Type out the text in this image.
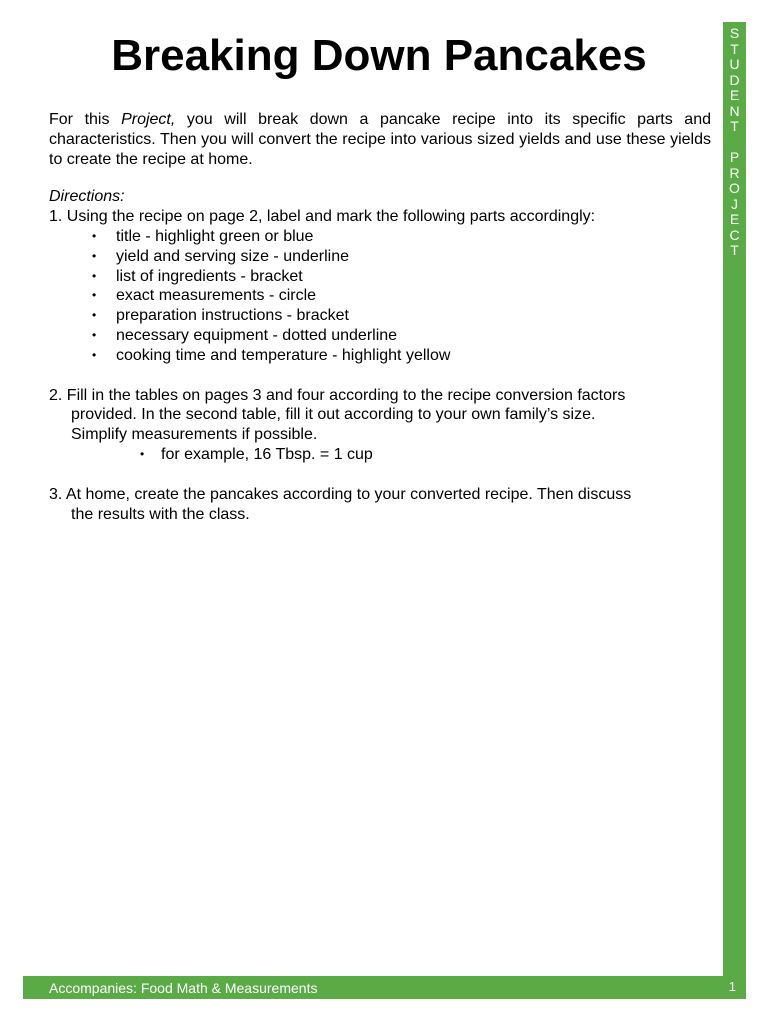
S
T
U
D
E
N
T
P
R
O
J
E
C
T
Breaking Down Pancakes

For this Project, you will break down a pancake recipe into its specific parts and characteristics. Then you will convert the recipe into various sized yields and use these yields to create the recipe at home.

Directions:

1. Using the recipe on page 2, label and mark the following parts accordingly:

• title - highlight green or blue
• yield and serving size - underline
• list of ingredients - bracket
• exact measurements - circle
• preparation instructions - bracket
• necessary equipment - dotted underline
• cooking time and temperature - highlight yellow

2. Fill in the tables on pages 3 and four according to the recipe conversion factors

provided. In the second table, fill it out according to your own family’s size.

Simplify measurements if possible.

• for example, 16 Tbsp. = 1 cup

3. At home, create the pancakes according to your converted recipe. Then discuss

the results with the class.

Accompanies: Food Math & Measurements	1
